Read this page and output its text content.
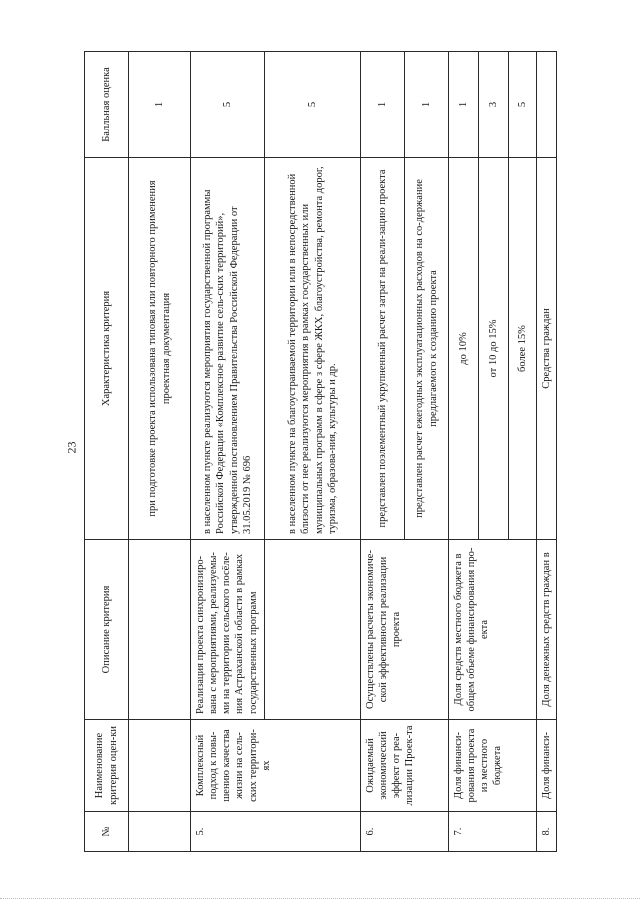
23
№	Наименование критерия оцен-ки	Описание критерия	Характеристика критерия	Балльная оценка
			при подготовке проекта использована типовая или повторного применения проектная документация	1
5.	Комплексный подход к повы-шению качества жизни на сель-ских территори-ях	Реализация проекта синхронизиро-вана с мероприятиями, реализуемы-ми на территории сельского посёле-ния Астраханской области в рамках государственных программ	в населенном пункте реализуются мероприятия государственной программы Российской Федерации «Комплексное развитие сель-ских территорий», утвержденной постановлением Правительства Российской Федерации от 31.05.2019 № 696	5
			в населенном пункте на благоустраиваемой территории или в непосредственной близости от нее реализуются мероприятия в рамках государственных или муниципальных программ в сфере з сфере ЖКХ, благоустройства, ремонта дорог, туризма, образова-ния, культуры и др.	5
6.	Ожидаемый экономический эффект от реа-лизации Проек-та	Осуществлены расчеты экономиче-ской эффективности реализации проекта	представлен поэлементный укрупненный расчет затрат на реали-зацию проекта	1
			представлен расчет ежегодных эксплуатационных расходов на со-держание предлагаемого к созданию проекта	1
7.	Доля финанси-рования проекта из местного бюджета	Доля средств местного бюджета в общем объеме финансирования про-екта	до 10%	1
			от 10 до 15%	3
			более 15%	5
8.	Доля финанси-	Доля денежных средств граждан в	Средства граждан	
